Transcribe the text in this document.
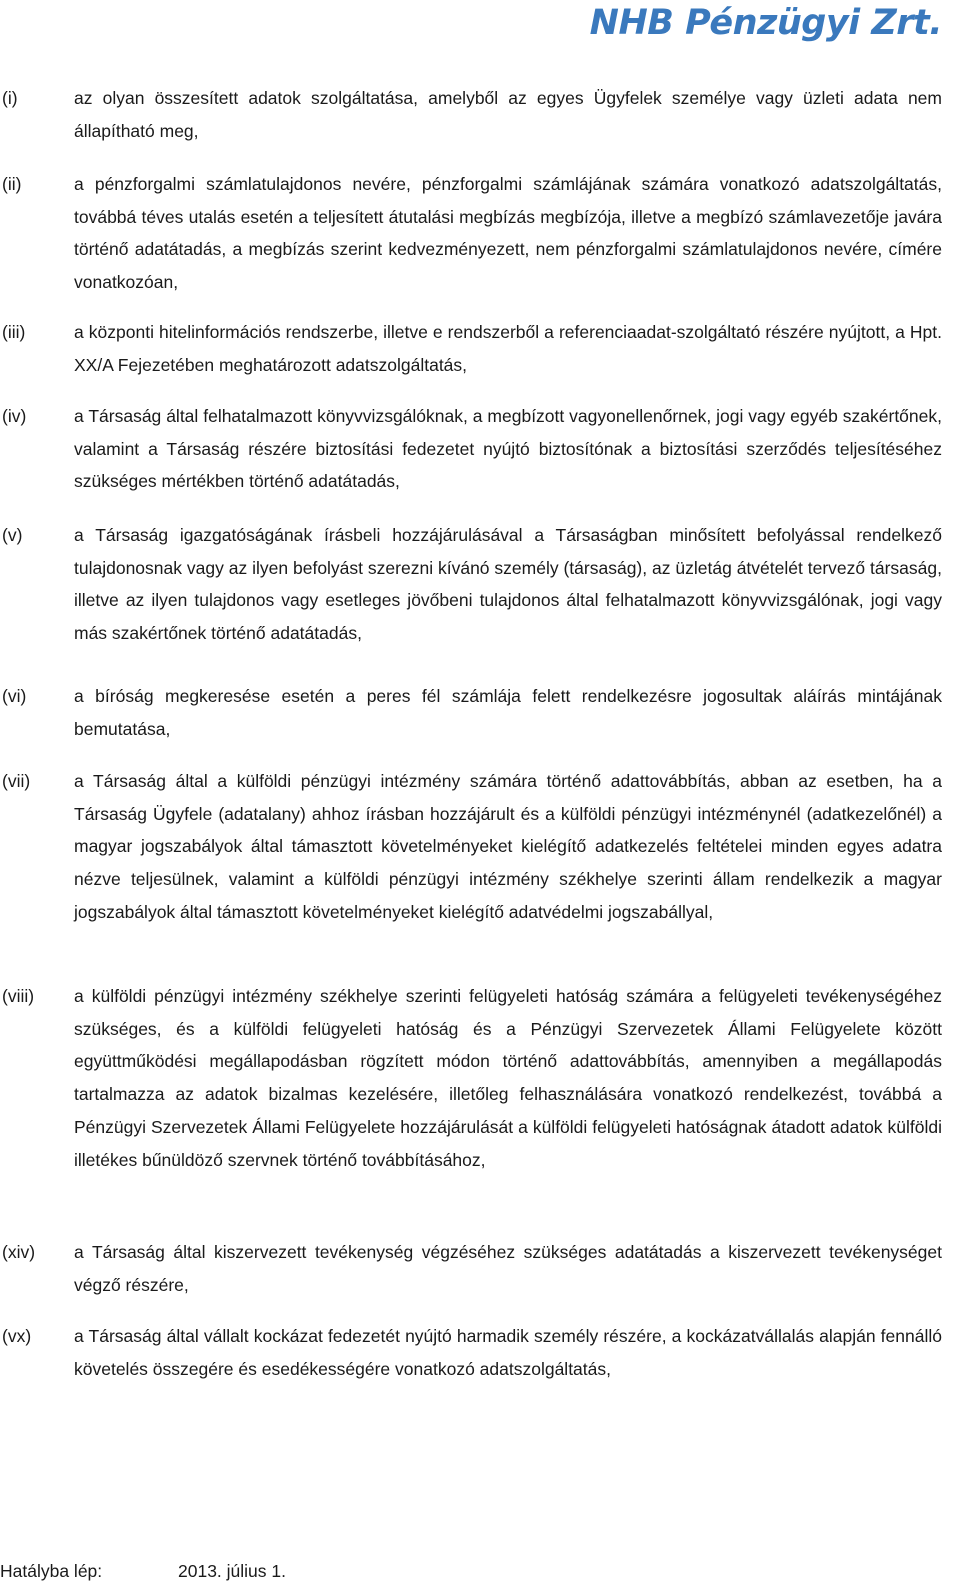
NHB Pénzügyi Zrt.
(i)	az olyan összesített adatok szolgáltatása, amelyből az egyes Ügyfelek személye vagy üzleti adata nem állapítható meg,
(ii)	a pénzforgalmi számlatulajdonos nevére, pénzforgalmi számlájának számára vonatkozó adatszolgáltatás, továbbá téves utalás esetén a teljesített átutalási megbízás megbízója, illetve a megbízó számlavezetője javára történő adatátadás, a megbízás szerint kedvezményezett, nem pénzforgalmi számlatulajdonos nevére, címére vonatkozóan,
(iii)	a központi hitelinformációs rendszerbe, illetve e rendszerből a referenciaadat-szolgáltató részére nyújtott, a Hpt. XX/A Fejezetében meghatározott adatszolgáltatás,
(iv)	a Társaság által felhatalmazott könyvvizsgálóknak, a megbízott vagyonellenőrnek, jogi vagy egyéb szakértőnek, valamint a Társaság részére biztosítási fedezetet nyújtó biztosítónak a biztosítási szerződés teljesítéséhez szükséges mértékben történő adatátadás,
(v)	a Társaság igazgatóságának írásbeli hozzájárulásával a Társaságban minősített befolyással rendelkező tulajdonosnak vagy az ilyen befolyást szerezni kívánó személy (társaság), az üzletág átvételét tervező társaság, illetve az ilyen tulajdonos vagy esetleges jövőbeni tulajdonos által felhatalmazott könyvvizsgálónak, jogi vagy más szakértőnek történő adatátadás,
(vi)	a bíróság megkeresése esetén a peres fél számlája felett rendelkezésre jogosultak aláírás mintájának bemutatása,
(vii)	a Társaság által a külföldi pénzügyi intézmény számára történő adattovábbítás, abban az esetben, ha a Társaság Ügyfele (adatalany) ahhoz írásban hozzájárult és a külföldi pénzügyi intézménynél (adatkezelőnél) a magyar jogszabályok által támasztott követelményeket kielégítő adatkezelés feltételei minden egyes adatra nézve teljesülnek, valamint a külföldi pénzügyi intézmény székhelye szerinti állam rendelkezik a magyar jogszabályok által támasztott követelményeket kielégítő adatvédelmi jogszabállyal,
(viii) a külföldi pénzügyi intézmény székhelye szerinti felügyeleti hatóság számára a felügyeleti tevékenységéhez szükséges, és a külföldi felügyeleti hatóság és a Pénzügyi Szervezetek Állami Felügyelete között együttműködési megállapodásban rögzített módon történő adattovábbítás, amennyiben a megállapodás tartalmazza az adatok bizalmas kezelésére, illetőleg felhasználására vonatkozó rendelkezést, továbbá a Pénzügyi Szervezetek Állami Felügyelete hozzájárulását a külföldi felügyeleti hatóságnak átadott adatok külföldi illetékes bűnüldöző szervnek történő továbbításához,
(xiv) a Társaság által kiszervezett tevékenység végzéséhez szükséges adatátadás a kiszervezett tevékenységet végző részére,
(vx) a Társaság által vállalt kockázat fedezetét nyújtó harmadik személy részére, a kockázatvállalás alapján fennálló követelés összegére és esedékességére vonatkozó adatszolgáltatás,
Hatályba lép:	2013. július 1.
